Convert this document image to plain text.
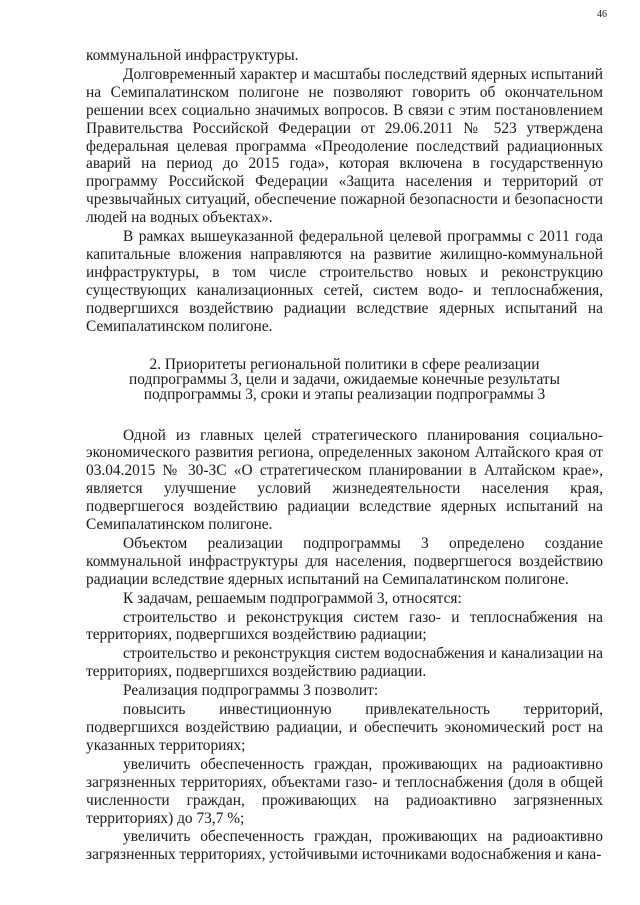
46

коммунальной инфраструктуры.

Долговременный характер и масштабы последствий ядерных испытаний на Семипалатинском полигоне не позволяют говорить об окончательном решении всех социально значимых вопросов. В связи с этим постановлением Правительства Российской Федерации от 29.06.2011 № 523 утверждена федеральная целевая программа «Преодоление последствий радиационных аварий на период до 2015 года», которая включена в государственную программу Российской Федерации «Защита населения и территорий от чрезвычайных ситуаций, обеспечение пожарной безопасности и безопасности людей на водных объектах».

В рамках вышеуказанной федеральной целевой программы с 2011 года капитальные вложения направляются на развитие жилищно-коммунальной инфраструктуры, в том числе строительство новых и реконструкцию существующих канализационных сетей, систем водо- и теплоснабжения, подвергшихся воздействию радиации вследствие ядерных испытаний на Семипалатинском полигоне.

2. Приоритеты региональной политики в сфере реализации
подпрограммы 3, цели и задачи, ожидаемые конечные результаты
подпрограммы 3, сроки и этапы реализации подпрограммы 3

Одной из главных целей стратегического планирования социально-экономического развития региона, определенных законом Алтайского края от 03.04.2015 № 30-ЗС «О стратегическом планировании в Алтайском крае», является улучшение условий жизнедеятельности населения края, подвергшегося воздействию радиации вследствие ядерных испытаний на Семипалатинском полигоне.

Объектом реализации подпрограммы 3 определено создание коммунальной инфраструктуры для населения, подвергшегося воздействию радиации вследствие ядерных испытаний на Семипалатинском полигоне.

К задачам, решаемым подпрограммой 3, относятся:

строительство и реконструкция систем газо- и теплоснабжения на территориях, подвергшихся воздействию радиации;

строительство и реконструкция систем водоснабжения и канализации на территориях, подвергшихся воздействию радиации.

Реализация подпрограммы 3 позволит:

повысить инвестиционную привлекательность территорий, подвергшихся воздействию радиации, и обеспечить экономический рост на указанных территориях;

увеличить обеспеченность граждан, проживающих на радиоактивно загрязненных территориях, объектами газо- и теплоснабжения (доля в общей численности граждан, проживающих на радиоактивно загрязненных территориях) до 73,7 %;

увеличить обеспеченность граждан, проживающих на радиоактивно загрязненных территориях, устойчивыми источниками водоснабжения и кана-
